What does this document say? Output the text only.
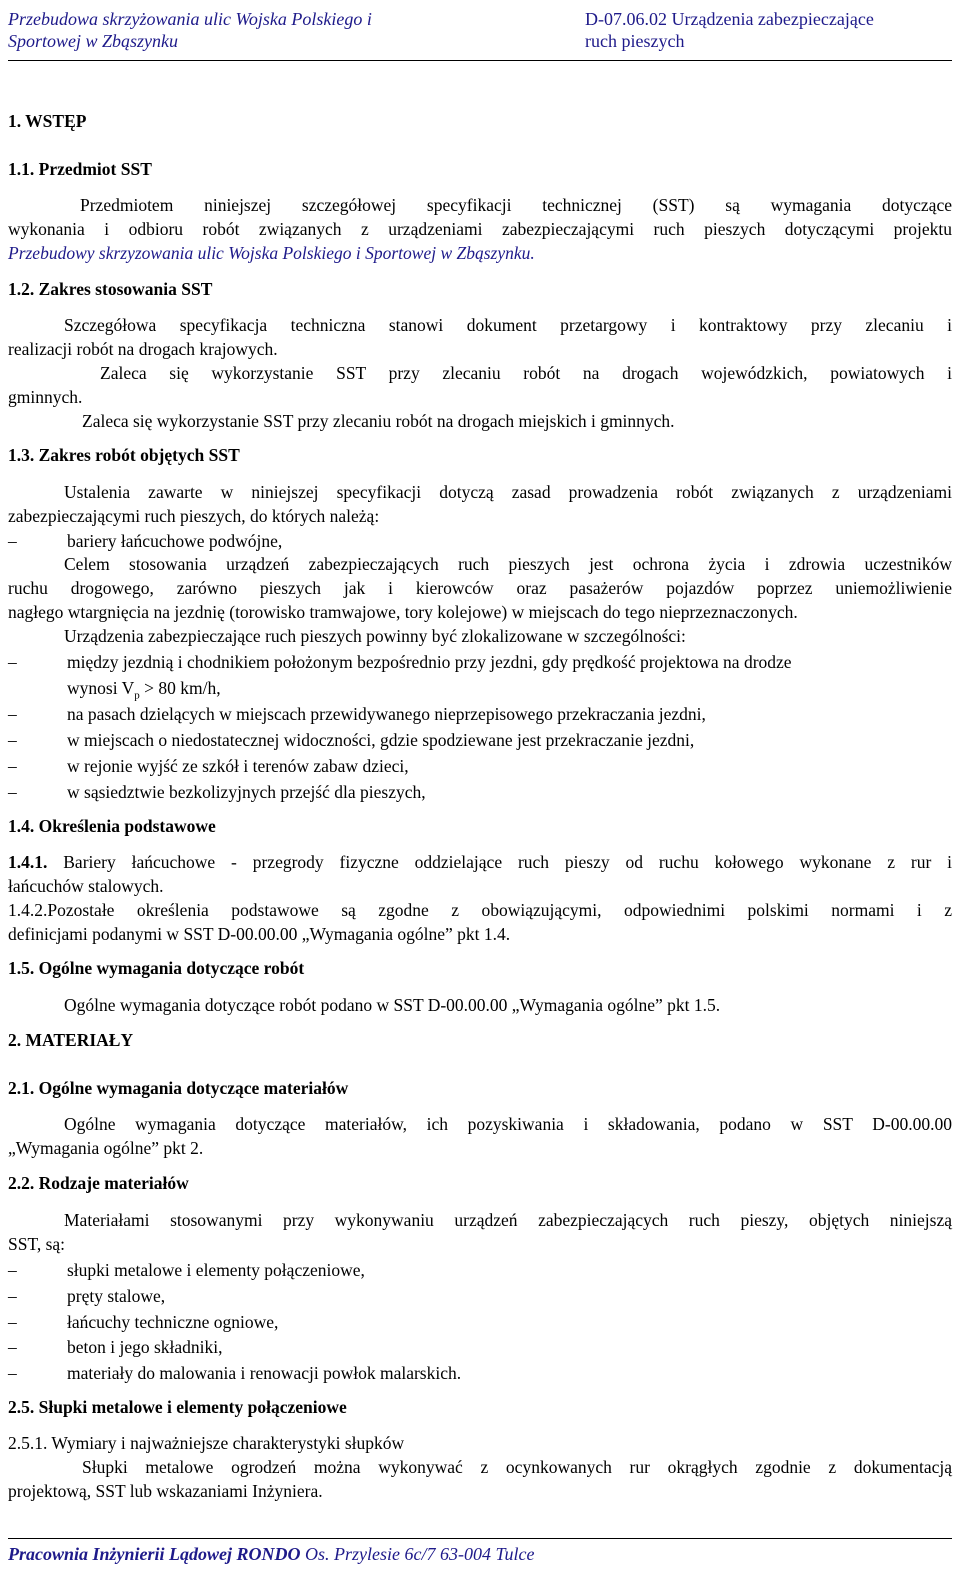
Przebudowa skrzyżowania ulic Wojska Polskiego i
Sportowej w Zbąszynku
D-07.06.02 Urządzenia zabezpieczające
ruch pieszych
1. WSTĘP
1.1. Przedmiot SST
Przedmiotem niniejszej szczegółowej specyfikacji technicznej (SST) są wymagania dotyczące
wykonania i odbioru robót związanych z urządzeniami zabezpieczającymi ruch pieszych dotyczącymi projektu
Przebudowy skrzyzowania ulic Wojska Polskiego i Sportowej w Zbąszynku.
1.2. Zakres stosowania SST
Szczegółowa specyfikacja techniczna stanowi dokument przetargowy i kontraktowy przy zlecaniu i
realizacji robót na drogach krajowych.
Zaleca się wykorzystanie SST przy zlecaniu robót na drogach wojewódzkich, powiatowych i
gminnych.
Zaleca się wykorzystanie SST przy zlecaniu robót na drogach miejskich i gminnych.
1.3. Zakres robót objętych SST
Ustalenia zawarte w niniejszej specyfikacji dotyczą zasad prowadzenia robót związanych z urządzeniami
zabezpieczającymi ruch pieszych, do których należą:
–	bariery łańcuchowe podwójne,
Celem stosowania urządzeń zabezpieczających ruch pieszych jest ochrona życia i zdrowia uczestników
ruchu drogowego, zarówno pieszych jak i kierowców oraz pasażerów pojazdów poprzez uniemożliwienie
nagłego wtargnięcia na jezdnię (torowisko tramwajowe, tory kolejowe) w miejscach do tego nieprzeznaczonych.
Urządzenia zabezpieczające ruch pieszych powinny być zlokalizowane w szczególności:
–	między jezdnią i chodnikiem położonym bezpośrednio przy jezdni, gdy prędkość projektowa na drodze
wynosi $V_p > 80$ km/h,
–	na pasach dzielących w miejscach przewidywanego nieprzepisowego przekraczania jezdni,
–	w miejscach o niedostatecznej widoczności, gdzie spodziewane jest przekraczanie jezdni,
–	w rejonie wyjść ze szkół i terenów zabaw dzieci,
–	w sąsiedztwie bezkolizyjnych przejść dla pieszych,
1.4. Określenia podstawowe
1.4.1. Bariery łańcuchowe - przegrody fizyczne oddzielające ruch pieszy od ruchu kołowego wykonane z rur i
łańcuchów stalowych.
1.4.2.Pozostałe określenia podstawowe są zgodne z obowiązującymi, odpowiednimi polskimi normami i z
definicjami podanymi w SST D-00.00.00 „Wymagania ogólne” pkt 1.4.
1.5. Ogólne wymagania dotyczące robót
Ogólne wymagania dotyczące robót podano w SST D-00.00.00 „Wymagania ogólne” pkt 1.5.
2. MATERIAŁY
2.1. Ogólne wymagania dotyczące materiałów
Ogólne wymagania dotyczące materiałów, ich pozyskiwania i składowania, podano w SST D-00.00.00
„Wymagania ogólne” pkt 2.
2.2. Rodzaje materiałów
Materiałami stosowanymi przy wykonywaniu urządzeń zabezpieczających ruch pieszy, objętych niniejszą
SST, są:
–	słupki metalowe i elementy połączeniowe,
–	pręty stalowe,
–	łańcuchy techniczne ogniowe,
–	beton i jego składniki,
–	materiały do malowania i renowacji powłok malarskich.
2.5. Słupki metalowe i elementy połączeniowe
2.5.1. Wymiary i najważniejsze charakterystyki słupków
Słupki metalowe ogrodzeń można wykonywać z ocynkowanych rur okrągłych zgodnie z dokumentacją
projektową, SST lub wskazaniami Inżyniera.
Pracownia Inżynierii Lądowej RONDO Os. Przylesie 6c/7 63-004 Tulce
